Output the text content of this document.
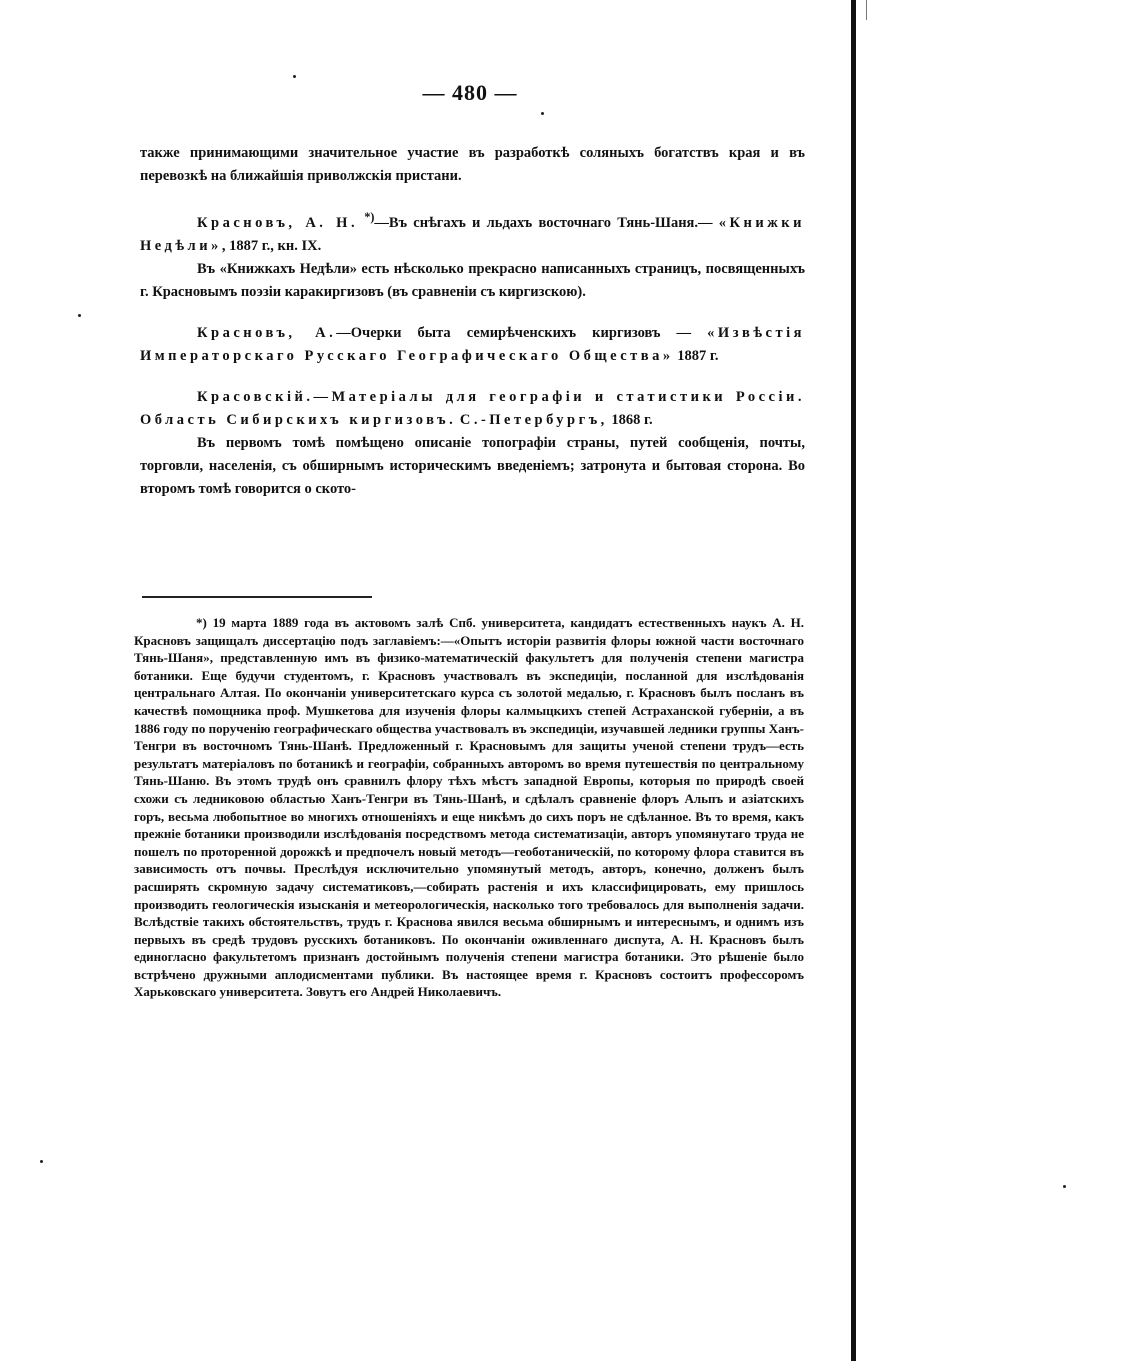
— 480 —

также принимающими значительное участие въ разработкѣ соляныхъ богатствъ края и въ перевозкѣ на ближайшія приволжскія пристани.

Красновъ, А. Н. *)—Въ снѣгахъ и льдахъ восточнаго Тянь-Шаня.— «Книжки Недѣли», 1887 г., кн. IX.

Въ «Книжкахъ Недѣли» есть нѣсколько прекрасно написанныхъ страницъ, посвященныхъ г. Красновымъ поэзіи каракиргизовъ (въ сравненіи съ киргизскою).

Красновъ, А.—Очерки быта семирѣченскихъ киргизовъ — «Извѣстія Императорскаго Русскаго Географическаго Общества» 1887 г.

Красовскій.—Матеріалы для географіи и статистики Россіи. Область Сибирскихъ киргизовъ. С.-Петербургъ, 1868 г.

Въ первомъ томѣ помѣщено описаніе топографіи страны, путей сообщенія, почты, торговли, населенія, съ обширнымъ историческимъ введеніемъ; затронута и бытовая сторона. Во второмъ томѣ говорится о ското-

*) 19 марта 1889 года въ актовомъ залѣ Спб. университета, кандидатъ естественныхъ наукъ А. Н. Красновъ защищалъ диссертацію подъ заглавіемъ:—«Опытъ исторіи развитія флоры южной части восточнаго Тянь-Шаня», представленную имъ въ физико-математическій факультетъ для полученія степени магистра ботаники. Еще будучи студентомъ, г. Красновъ участвовалъ въ экспедиціи, посланной для изслѣдованія центральнаго Алтая. По окончаніи университетскаго курса съ золотой медалью, г. Красновъ былъ посланъ въ качествѣ помощника проф. Мушкетова для изученія флоры калмыцкихъ степей Астраханской губерніи, а въ 1886 году по порученію географическаго общества участвовалъ въ экспедиціи, изучавшей ледники группы Ханъ-Тенгри въ восточномъ Тянь-Шанѣ. Предложенный г. Красновымъ для защиты ученой степени трудъ—есть результатъ матеріаловъ по ботаникѣ и географіи, собранныхъ авторомъ во время путешествія по центральному Тянь-Шаню. Въ этомъ трудѣ онъ сравнилъ флору тѣхъ мѣстъ западной Европы, которыя по природѣ своей схожи съ ледниковою областью Ханъ-Тенгри въ Тянь-Шанѣ, и сдѣлалъ сравненіе флоръ Альпъ и азіатскихъ горъ, весьма любопытное во многихъ отношеніяхъ и еще никѣмъ до сихъ поръ не сдѣланное. Въ то время, какъ прежніе ботаники производили изслѣдованія посредствомъ метода систематизаціи, авторъ упомянутаго труда не пошелъ по проторенной дорожкѣ и предпочелъ новый методъ—геоботаническій, по которому флора ставится въ зависимость отъ почвы. Преслѣдуя исключительно упомянутый методъ, авторъ, конечно, долженъ былъ расширять скромную задачу систематиковъ,—собирать растенія и ихъ классифицировать, ему пришлось производить геологическія изысканія и метеорологическія, насколько того требовалось для выполненія задачи. Вслѣдствіе такихъ обстоятельствъ, трудъ г. Краснова явился весьма обширнымъ и интереснымъ, и однимъ изъ первыхъ въ средѣ трудовъ русскихъ ботаниковъ. По окончаніи оживленнаго диспута, А. Н. Красновъ былъ единогласно факультетомъ признанъ достойнымъ полученія степени магистра ботаники. Это рѣшеніе было встрѣчено дружными аплодисментами публики. Въ настоящее время г. Красновъ состоитъ профессоромъ Харьковскаго университета. Зовутъ его Андрей Николаевичъ.
